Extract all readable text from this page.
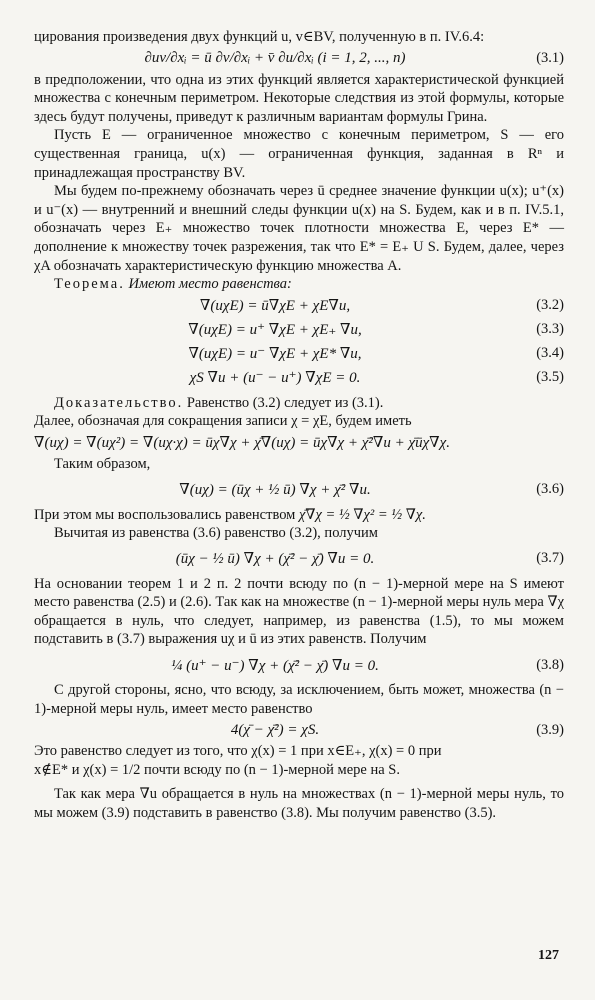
цирования произведения двух функций u, v∈BV, полученную в п. IV.6.4:

∂uv/∂xᵢ = ū ∂v/∂xᵢ + v̄ ∂u/∂xᵢ (i = 1, 2, ..., n)	(3.1)

в предположении, что одна из этих функций является характеристической функцией множества с конечным периметром. Некоторые следствия из этой формулы, которые здесь будут получены, приведут к различным вариантам формулы Грина.

Пусть E — ограниченное множество с конечным периметром, S — его существенная граница, u(x) — ограниченная функция, заданная в Rⁿ и принадлежащая пространству BV.

Мы будем по-прежнему обозначать через ū среднее значение функции u(x); u⁺(x) и u⁻(x) — внутренний и внешний следы функции u(x) на S. Будем, как и в п. IV.5.1, обозначать через E₊ множество точек плотности множества E, через E* — дополнение к множеству точек разрежения, так что E* = E₊ U S. Будем, далее, через χA обозначать характеристическую функцию множества A.

Теорема. Имеют место равенства:

∇(uχE) = ū∇χE + χE∇u,	(3.2)
∇(uχE) = u⁺ ∇χE + χE₊ ∇u,	(3.3)
∇(uχE) = u⁻ ∇χE + χE* ∇u,	(3.4)
χS ∇u + (u⁻ − u⁺) ∇χE = 0.	(3.5)

Доказательство. Равенство (3.2) следует из (3.1).

Далее, обозначая для сокращения записи χ = χE, будем иметь

∇(uχ) = ∇(uχ²) = ∇(uχ·χ) = ūχ∇χ + χ̄∇(uχ) = ūχ∇χ + χ̄²∇u + χ̄ūχ∇χ.

Таким образом,

∇(uχ) = (ūχ + ½ ū) ∇χ + χ̄² ∇u.	(3.6)

При этом мы воспользовались равенством χ̄∇χ = ½ ∇χ² = ½ ∇χ.

Вычитая из равенства (3.6) равенство (3.2), получим

(ūχ − ½ ū) ∇χ + (χ̄² − χ̄) ∇u = 0.	(3.7)

На основании теорем 1 и 2 п. 2 почти всюду по (n − 1)-мерной мере на S имеют место равенства (2.5) и (2.6). Так как на множестве (n − 1)-мерной меры нуль мера ∇χ обращается в нуль, что следует, например, из равенства (1.5), то мы можем подставить в (3.7) выражения uχ и ū из этих равенств. Получим

¼ (u⁺ − u⁻) ∇χ + (χ̄² − χ̄) ∇u = 0.	(3.8)

С другой стороны, ясно, что всюду, за исключением, быть может, множества (n − 1)-мерной меры нуль, имеет место равенство

4(χ̄ − χ̄²) = χS.	(3.9)

Это равенство следует из того, что χ(x) = 1 при x∈E₊, χ(x) = 0 при

x∉E* и χ(x) = 1/2 почти всюду по (n − 1)-мерной мере на S.

Так как мера ∇u обращается в нуль на множествах (n − 1)-мерной меры нуль, то мы можем (3.9) подставить в равенство (3.8). Мы получим равенство (3.5).

127
